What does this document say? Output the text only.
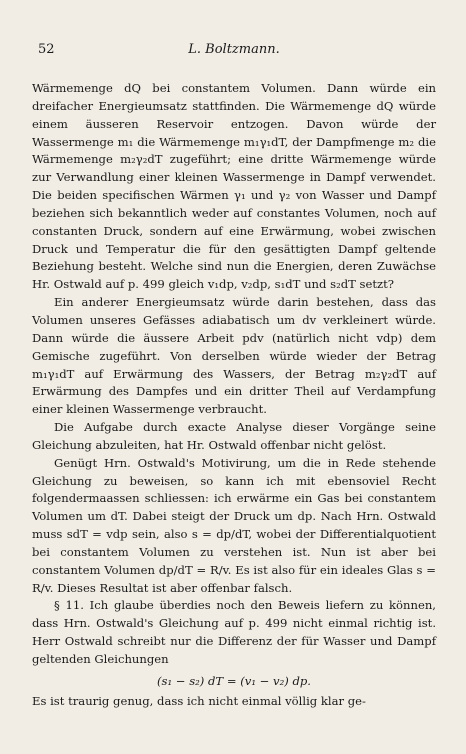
52	L. Boltzmann.

Wärmemenge dQ bei constantem Volumen. Dann würde ein dreifacher Energieumsatz stattfinden. Die Wärmemenge dQ würde einem äusseren Reservoir entzogen. Davon würde der Wassermenge m₁ die Wärmemenge m₁γ₁dT, der Dampfmenge m₂ die Wärmemenge m₂γ₂dT zugeführt; eine dritte Wärmemenge würde zur Verwandlung einer kleinen Wassermenge in Dampf verwendet. Die beiden specifischen Wärmen γ₁ und γ₂ von Wasser und Dampf beziehen sich bekanntlich weder auf constantes Volumen, noch auf constanten Druck, sondern auf eine Erwärmung, wobei zwischen Druck und Temperatur die für den gesättigten Dampf geltende Beziehung besteht. Welche sind nun die Energien, deren Zuwächse Hr. Ostwald auf p. 499 gleich v₁dp, v₂dp, s₁dT und s₂dT setzt?

Ein anderer Energieumsatz würde darin bestehen, dass das Volumen unseres Gefässes adiabatisch um dv verkleinert würde. Dann würde die äussere Arbeit pdv (natürlich nicht vdp) dem Gemische zugeführt. Von derselben würde wieder der Betrag m₁γ₁dT auf Erwärmung des Wassers, der Betrag m₂γ₂dT auf Erwärmung des Dampfes und ein dritter Theil auf Verdampfung einer kleinen Wassermenge verbraucht.

Die Aufgabe durch exacte Analyse dieser Vorgänge seine Gleichung abzuleiten, hat Hr. Ostwald offenbar nicht gelöst.

Genügt Hrn. Ostwald's Motivirung, um die in Rede stehende Gleichung zu beweisen, so kann ich mit ebensoviel Recht folgendermaassen schliessen: ich erwärme ein Gas bei constantem Volumen um dT. Dabei steigt der Druck um dp. Nach Hrn. Ostwald muss sdT = vdp sein, also s = dp/dT, wobei der Differentialquotient bei constantem Volumen zu verstehen ist. Nun ist aber bei constantem Volumen dp/dT = R/v. Es ist also für ein ideales Glas s = R/v. Dieses Resultat ist aber offenbar falsch.

§ 11. Ich glaube überdies noch den Beweis liefern zu können, dass Hrn. Ostwald's Gleichung auf p. 499 nicht einmal richtig ist. Herr Ostwald schreibt nur die Differenz der für Wasser und Dampf geltenden Gleichungen

(s₁ − s₂) dT = (v₁ − v₂) dp.

Es ist traurig genug, dass ich nicht einmal völlig klar ge-
